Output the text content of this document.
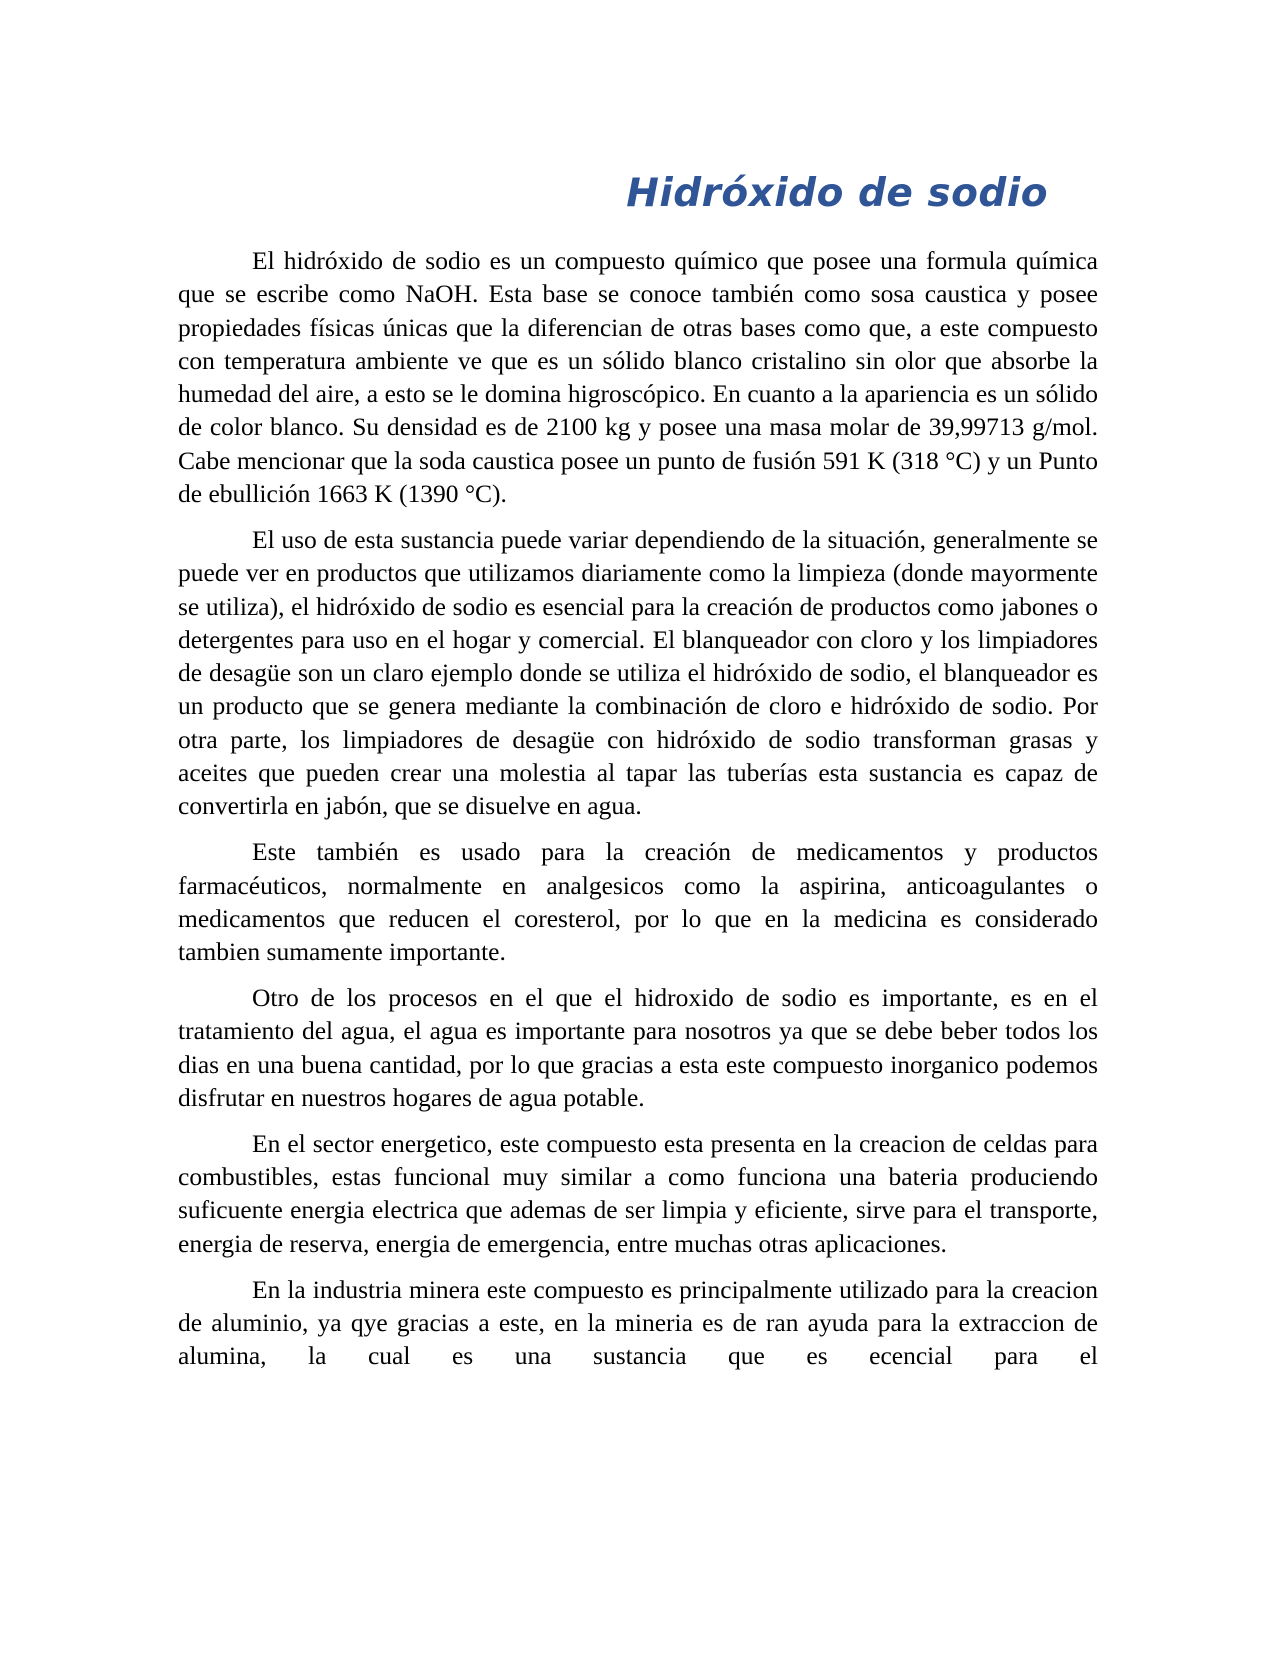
Hidróxido de sodio

El hidróxido de sodio es un compuesto químico que posee una formula química que se escribe como NaOH. Esta base se conoce también como sosa caustica y posee propiedades físicas únicas que la diferencian de otras bases como que, a este compuesto con temperatura ambiente ve que es un sólido blanco cristalino sin olor que absorbe la humedad del aire, a esto se le domina higroscópico. En cuanto a la apariencia es un sólido de color blanco. Su densidad es de 2100 kg y posee una masa molar de 39,99713 g/mol. Cabe mencionar que la soda caustica posee un punto de fusión 591 K (318 °C) y un Punto de ebullición 1663 K (1390 °C).

El uso de esta sustancia puede variar dependiendo de la situación, generalmente se puede ver en productos que utilizamos diariamente como la limpieza (donde mayormente se utiliza), el hidróxido de sodio es esencial para la creación de productos como jabones o detergentes para uso en el hogar y comercial. El blanqueador con cloro y los limpiadores de desagüe son un claro ejemplo donde se utiliza el hidróxido de sodio, el blanqueador es un producto que se genera mediante la combinación de cloro e hidróxido de sodio. Por otra parte, los limpiadores de desagüe con hidróxido de sodio transforman grasas y aceites que pueden crear una molestia al tapar las tuberías esta sustancia es capaz de convertirla en jabón, que se disuelve en agua.

Este también es usado para la creación de medicamentos y productos farmacéuticos, normalmente en analgesicos como la aspirina, anticoagulantes o medicamentos que reducen el coresterol, por lo que en la medicina es considerado tambien sumamente importante.

Otro de los procesos en el que el hidroxido de sodio es importante, es en el tratamiento del agua, el agua es importante para nosotros ya que se debe beber todos los dias en una buena cantidad, por lo que gracias a esta este compuesto inorganico podemos disfrutar en nuestros hogares de agua potable.

En el sector energetico, este compuesto esta presenta en la creacion de celdas para combustibles, estas funcional muy similar a como funciona una bateria produciendo suficuente energia electrica que ademas de ser limpia y eficiente, sirve para el transporte, energia de reserva, energia de emergencia, entre muchas otras aplicaciones.

En la industria minera este compuesto es principalmente utilizado para la creacion de aluminio, ya qye gracias a este, en la mineria es de ran ayuda para la extraccion de alumina, la cual es una sustancia que es ecencial para el
